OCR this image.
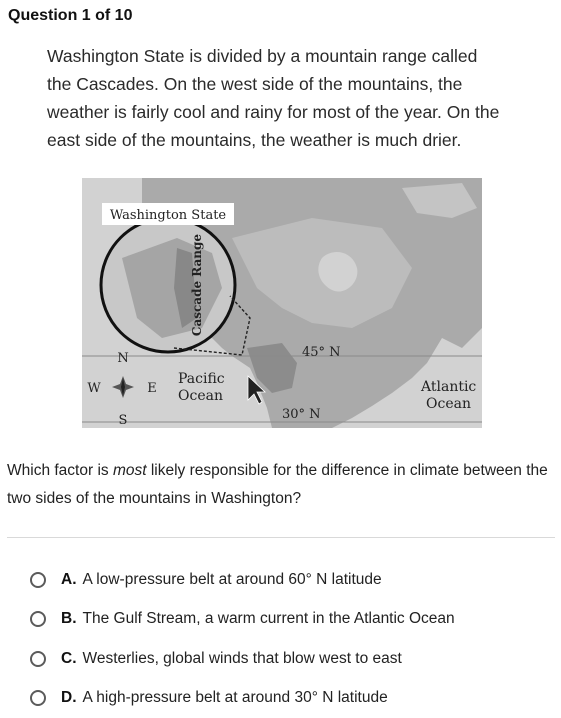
Question 1 of 10
Washington State is divided by a mountain range called
the Cascades. On the west side of the mountains, the
weather is fairly cool and rainy for most of the year. On the
east side of the mountains, the weather is much drier.
Washington State
Cascade Range
45° N
30° N
Pacific
Ocean
Atlantic
Ocean
N
S
E
W
Which factor is most likely responsible for the difference in climate between the two sides of the mountains in Washington?
A. A low-pressure belt at around 60° N latitude
B. The Gulf Stream, a warm current in the Atlantic Ocean
C. Westerlies, global winds that blow west to east
D. A high-pressure belt at around 30° N latitude
